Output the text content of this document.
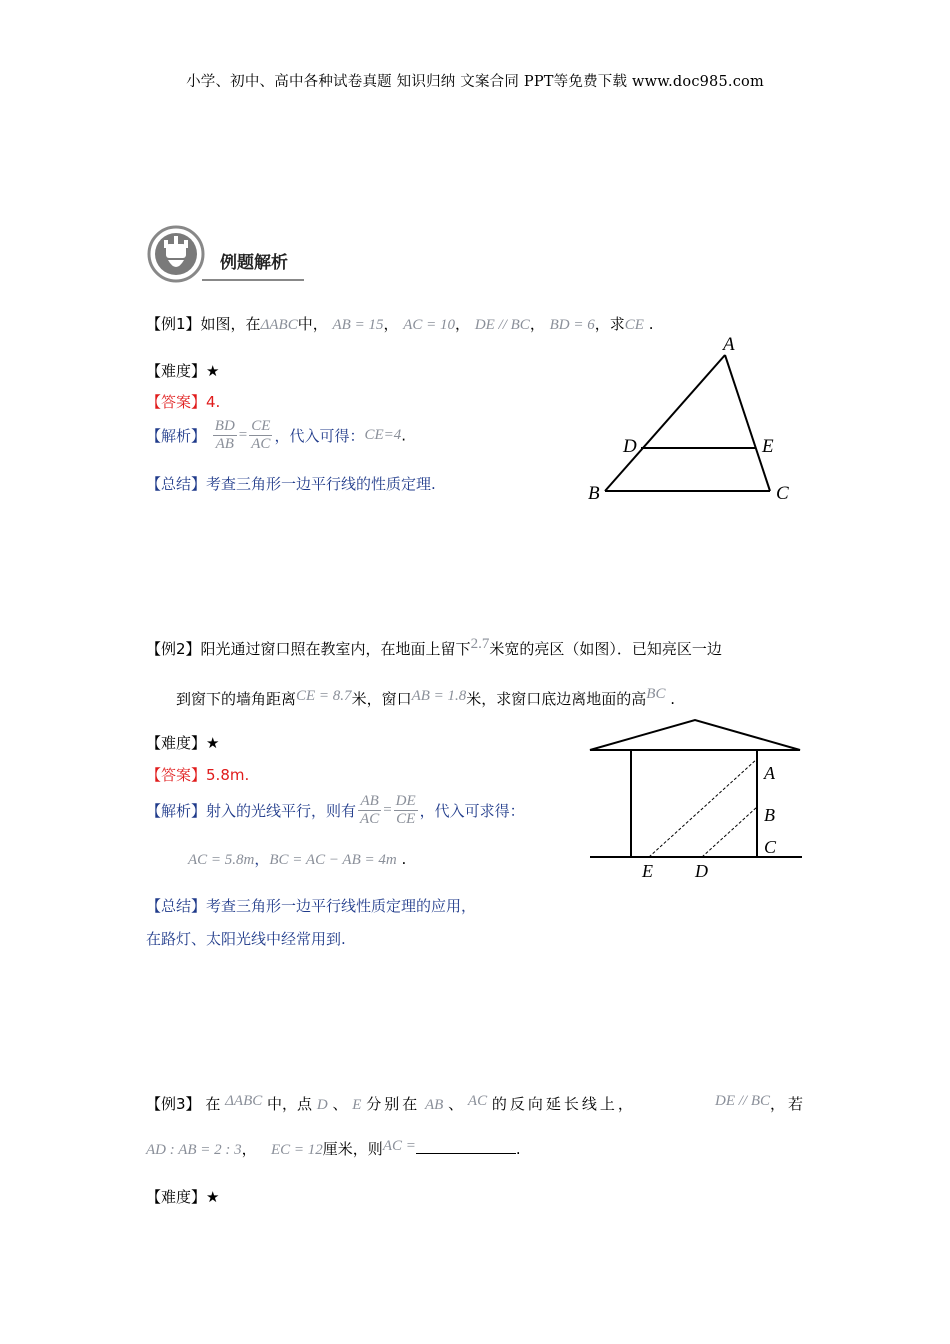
小学、初中、高中各种试卷真题 知识归纳 文案合同 PPT等免费下载 www.doc985.com
例题解析
【例1】如图，在ΔABC中， AB = 15， AC = 10， DE // BC， BD = 6，求CE .
【难度】★
【答案】4.
【解析】 $\frac{BD}{AB} = \frac{CE}{AC}$ ，代入可得：CE=4.
【总结】考查三角形一边平行线的性质定理.
A
D	E
B	C
【例2】阳光通过窗口照在教室内，在地面上留下2.7米宽的亮区（如图）．已知亮区一边
到窗下的墙角距离CE = 8.7米，窗口AB = 1.8米，求窗口底边离地面的高BC .
【难度】★
【答案】5.8m.
【解析】射入的光线平行，则有 $\frac{AB}{AC} = \frac{DE}{CE}$ ，代入可求得：
AC = 5.8m，BC = AC − AB = 4m .
【总结】考查三角形一边平行线性质定理的应用，
在路灯、太阳光线中经常用到.
A
B
C
E D
【例3】 在 ΔABC 中，点 D 、 E 分别在 AB 、 AC 的反向延长线上，	DE // BC，若
AD : AB = 2 : 3， EC = 12厘米，则AC =	.
【难度】★
